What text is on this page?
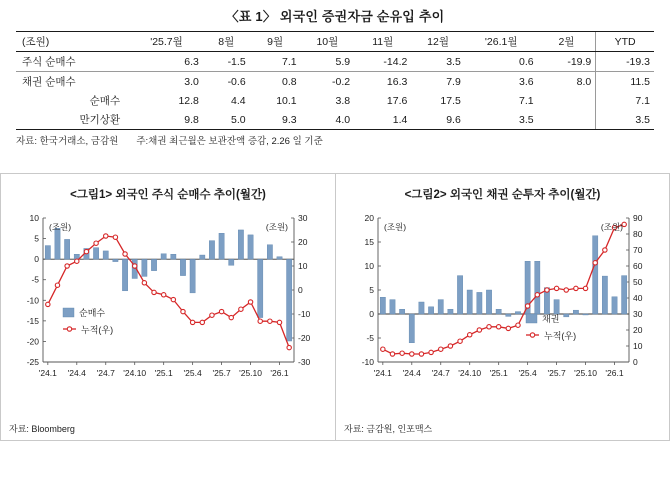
〈표 1〉 외국인 증권자금 순유입 추이
(조원)	'25.7월	8월	9월	10월	11월	12월	'26.1월	2월	YTD
주식 순매수	6.3	-1.5	7.1	5.9	-14.2	3.5	0.6	-19.9	-19.3
채권 순매수	3.0	-0.6	0.8	-0.2	16.3	7.9	3.6	8.0	11.5
순매수	12.8	4.4	10.1	3.8	17.6	17.5	7.1		7.1
만기상환	9.8	5.0	9.3	4.0	1.4	9.6	3.5		3.5
자료: 한국거래소, 금감원 주:채권 최근월은 보관잔액 증감, 2.26 일 기준
<그림1> 외국인 주식 순매수 추이(월간)
10
5
0
-5
-10
-15
-20
-25
30
20
10
0
-10
-20
-30
'24.1 '24.4 '24.7 '24.10 '25.1 '25.4 '25.7 '25.10 '26.1
(조원)	(조원)
순매수
누적(우)
자료: Bloomberg
<그림2> 외국인 채권 순투자 추이(월간)
20
15
10
5
0
-5
-10
90
80
70
60
50
40
30
20
10
0
'24.1 '24.4 '24.7 '24.10 '25.1 '25.4 '25.7 '25.10 '26.1
(조원)	(조원)
채권
누적(우)
자료: 금감원, 인포맥스
